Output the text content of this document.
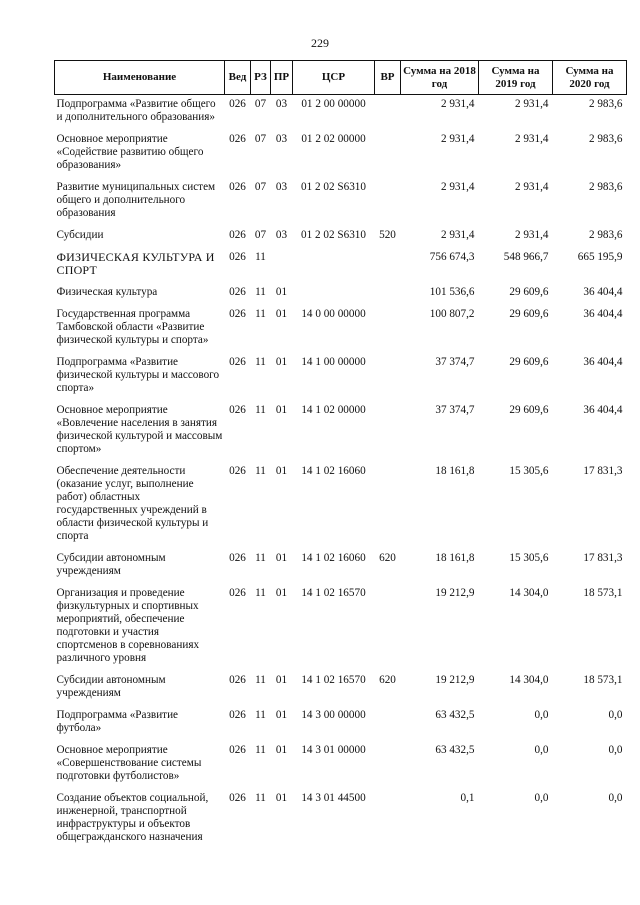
229
Наименование	Вед	РЗ	ПР	ЦСР	ВР	Сумма на 2018 год	Сумма на 2019 год	Сумма на 2020 год
Подпрограмма «Развитие общего и дополнительного образования»	026	07	03	01 2 00 00000		2 931,4	2 931,4	2 983,6
Основное мероприятие «Содействие развитию общего образования»	026	07	03	01 2 02 00000		2 931,4	2 931,4	2 983,6
Развитие муниципальных систем общего и дополнительного образования	026	07	03	01 2 02 S6310		2 931,4	2 931,4	2 983,6
Субсидии	026	07	03	01 2 02 S6310	520	2 931,4	2 931,4	2 983,6
ФИЗИЧЕСКАЯ КУЛЬТУРА И СПОРТ	026	11				756 674,3	548 966,7	665 195,9
Физическая культура	026	11	01			101 536,6	29 609,6	36 404,4
Государственная программа Тамбовской области «Развитие физической культуры и спорта»	026	11	01	14 0 00 00000		100 807,2	29 609,6	36 404,4
Подпрограмма «Развитие физической культуры и массового спорта»	026	11	01	14 1 00 00000		37 374,7	29 609,6	36 404,4
Основное мероприятие «Вовлечение населения в занятия физической культурой и массовым спортом»	026	11	01	14 1 02 00000		37 374,7	29 609,6	36 404,4
Обеспечение деятельности (оказание услуг, выполнение работ) областных государственных учреждений в области физической культуры и спорта	026	11	01	14 1 02 16060		18 161,8	15 305,6	17 831,3
Субсидии автономным учреждениям	026	11	01	14 1 02 16060	620	18 161,8	15 305,6	17 831,3
Организация и проведение физкультурных и спортивных мероприятий, обеспечение подготовки и участия спортсменов в соревнованиях различного уровня	026	11	01	14 1 02 16570		19 212,9	14 304,0	18 573,1
Субсидии автономным учреждениям	026	11	01	14 1 02 16570	620	19 212,9	14 304,0	18 573,1
Подпрограмма «Развитие футбола»	026	11	01	14 3 00 00000		63 432,5	0,0	0,0
Основное мероприятие «Совершенствование системы подготовки футболистов»	026	11	01	14 3 01 00000		63 432,5	0,0	0,0
Создание объектов социальной, инженерной, транспортной инфраструктуры и объектов общегражданского назначения	026	11	01	14 3 01 44500		0,1	0,0	0,0
